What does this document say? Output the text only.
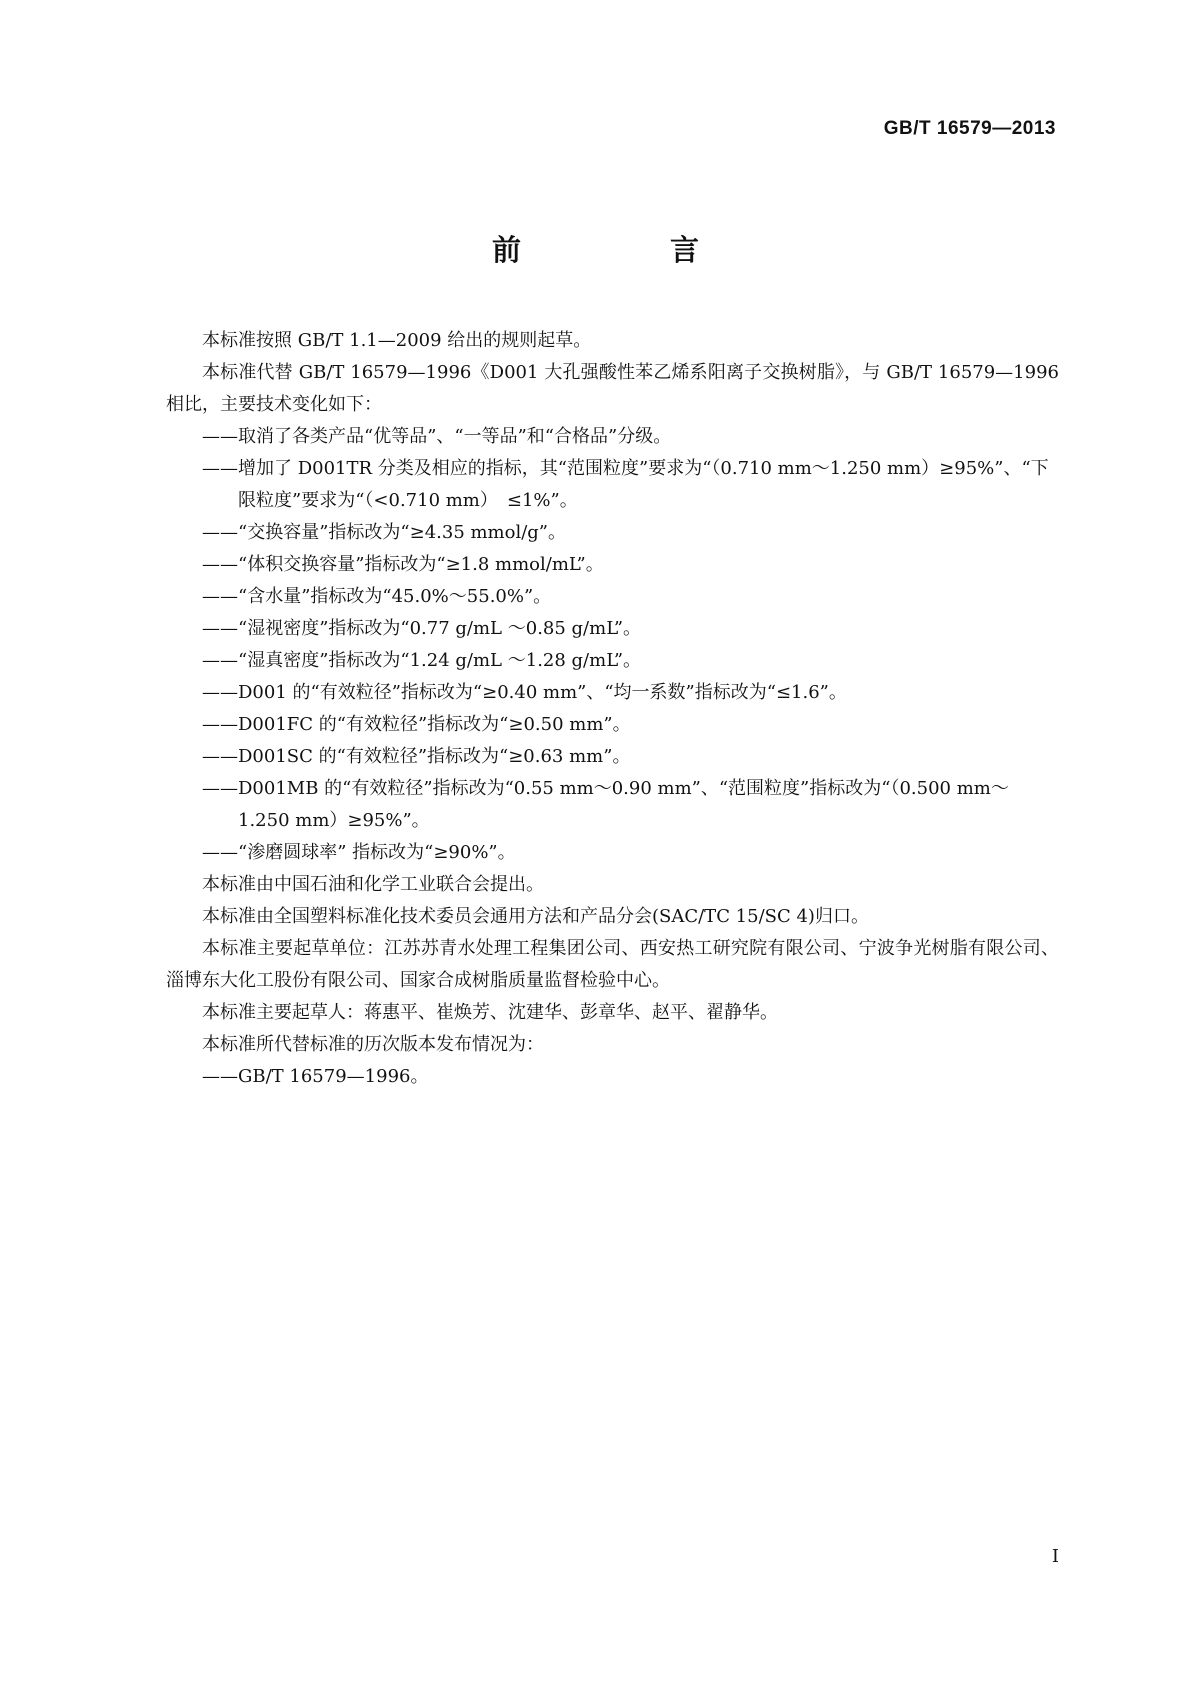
GB/T 16579—2013
前　言

本标准按照 GB/T 1.1—2009 给出的规则起草。

本标准代替 GB/T 16579—1996《D001 大孔强酸性苯乙烯系阳离子交换树脂》，与 GB/T 16579—1996 相比，主要技术变化如下：

——取消了各类产品“优等品”、“一等品”和“合格品”分级。

——增加了 D001TR 分类及相应的指标，其“范围粒度”要求为“（0.710 mm～1.250 mm）≥95%”、“下限粒度”要求为“（<0.710 mm）　≤1%”。

——“交换容量”指标改为“≥4.35 mmol/g”。

——“体积交换容量”指标改为“≥1.8 mmol/mL”。

——“含水量”指标改为“45.0%～55.0%”。

——“湿视密度”指标改为“0.77 g/mL ～0.85 g/mL”。

——“湿真密度”指标改为“1.24 g/mL ～1.28 g/mL”。

——D001 的“有效粒径”指标改为“≥0.40 mm”、“均一系数”指标改为“≤1.6”。

——D001FC 的“有效粒径”指标改为“≥0.50 mm”。

——D001SC 的“有效粒径”指标改为“≥0.63 mm”。

——D001MB 的“有效粒径”指标改为“0.55 mm～0.90 mm”、“范围粒度”指标改为“（0.500 mm～1.250 mm）≥95%”。

——“渗磨圆球率” 指标改为“≥90%”。

本标准由中国石油和化学工业联合会提出。

本标准由全国塑料标准化技术委员会通用方法和产品分会(SAC/TC 15/SC 4)归口。

本标准主要起草单位：江苏苏青水处理工程集团公司、西安热工研究院有限公司、宁波争光树脂有限公司、淄博东大化工股份有限公司、国家合成树脂质量监督检验中心。

本标准主要起草人：蒋惠平、崔焕芳、沈建华、彭章华、赵平、翟静华。

本标准所代替标准的历次版本发布情况为：

——GB/T 16579—1996。

I
